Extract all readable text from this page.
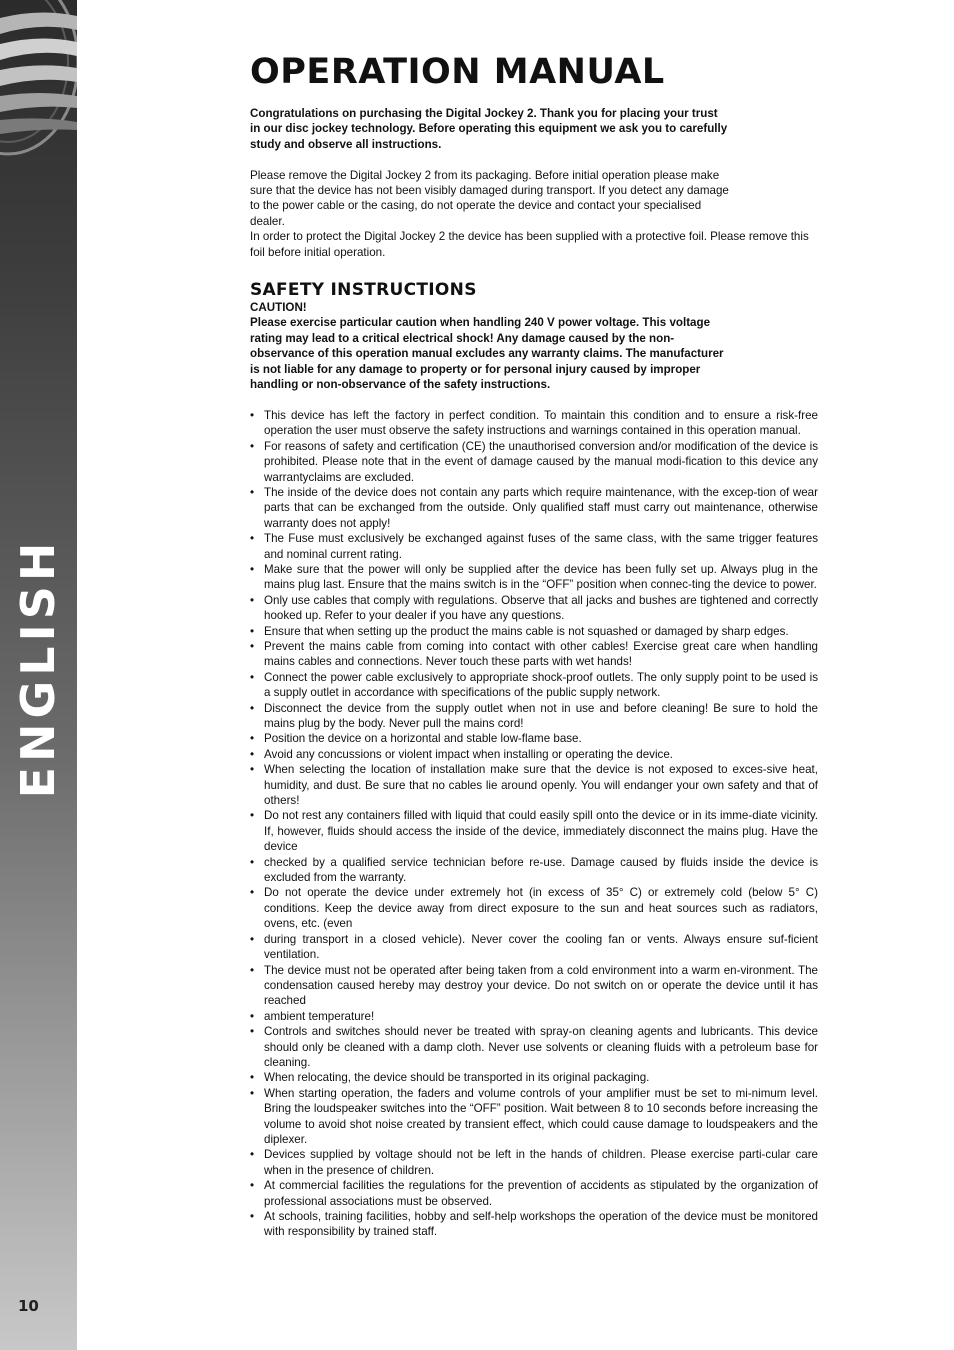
ENGLISH
10
OPERATION MANUAL

Congratulations on purchasing the Digital Jockey 2. Thank you for placing your trust in our disc jockey technology. Before operating this equipment we ask you to carefully study and observe all instructions.

Please remove the Digital Jockey 2 from its packaging. Before initial operation please make sure that the device has not been visibly damaged during transport. If you detect any damage to the power cable or the casing, do not operate the device and contact your specialised dealer.

In order to protect the Digital Jockey 2 the device has been supplied with a protective foil. Please remove this foil before initial operation.

SAFETY INSTRUCTIONS

CAUTION!

Please exercise particular caution when handling 240 V power voltage. This voltage rating may lead to a critical electrical shock! Any damage caused by the non-observance of this operation manual excludes any warranty claims. The manufacturer is not liable for any damage to property or for personal injury caused by improper handling or non-observance of the safety instructions.

• This device has left the factory in perfect condition. To maintain this condition and to ensure a risk-free operation the user must observe the safety instructions and warnings contained in this operation manual.
• For reasons of safety and certification (CE) the unauthorised conversion and/or modification of the device is prohibited. Please note that in the event of damage caused by the manual modi-fication to this device any warrantyclaims are excluded.
• The inside of the device does not contain any parts which require maintenance, with the excep-tion of wear parts that can be exchanged from the outside. Only qualified staff must carry out maintenance, otherwise warranty does not apply!
• The Fuse must exclusively be exchanged against fuses of the same class, with the same trigger features and nominal current rating.
• Make sure that the power will only be supplied after the device has been fully set up. Always plug in the mains plug last. Ensure that the mains switch is in the “OFF” position when connec-ting the device to power.
• Only use cables that comply with regulations. Observe that all jacks and bushes are tightened and correctly hooked up. Refer to your dealer if you have any questions.
• Ensure that when setting up the product the mains cable is not squashed or damaged by sharp edges.
• Prevent the mains cable from coming into contact with other cables! Exercise great care when handling mains cables and connections. Never touch these parts with wet hands!
• Connect the power cable exclusively to appropriate shock-proof outlets. The only supply point to be used is a supply outlet in accordance with specifications of the public supply network.
• Disconnect the device from the supply outlet when not in use and before cleaning! Be sure to hold the mains plug by the body. Never pull the mains cord!
• Position the device on a horizontal and stable low-flame base.
• Avoid any concussions or violent impact when installing or operating the device.
• When selecting the location of installation make sure that the device is not exposed to exces-sive heat, humidity, and dust. Be sure that no cables lie around openly. You will endanger your own safety and that of others!
• Do not rest any containers filled with liquid that could easily spill onto the device or in its imme-diate vicinity. If, however, fluids should access the inside of the device, immediately disconnect the mains plug. Have the device
• checked by a qualified service technician before re-use. Damage caused by fluids inside the device is excluded from the warranty.
• Do not operate the device under extremely hot (in excess of 35° C) or extremely cold (below 5° C) conditions. Keep the device away from direct exposure to the sun and heat sources such as radiators, ovens, etc. (even
• during transport in a closed vehicle). Never cover the cooling fan or vents. Always ensure suf-ficient ventilation.
• The device must not be operated after being taken from a cold environment into a warm en-vironment. The condensation caused hereby may destroy your device. Do not switch on or operate the device until it has reached
• ambient temperature!
• Controls and switches should never be treated with spray-on cleaning agents and lubricants. This device should only be cleaned with a damp cloth. Never use solvents or cleaning fluids with a petroleum base for cleaning.
• When relocating, the device should be transported in its original packaging.
• When starting operation, the faders and volume controls of your amplifier must be set to mi-nimum level. Bring the loudspeaker switches into the “OFF” position. Wait between 8 to 10 seconds before increasing the volume to avoid shot noise created by transient effect, which could cause damage to loudspeakers and the diplexer.
• Devices supplied by voltage should not be left in the hands of children. Please exercise parti-cular care when in the presence of children.
• At commercial facilities the regulations for the prevention of accidents as stipulated by the organization of professional associations must be observed.
• At schools, training facilities, hobby and self-help workshops the operation of the device must be monitored with responsibility by trained staff.
